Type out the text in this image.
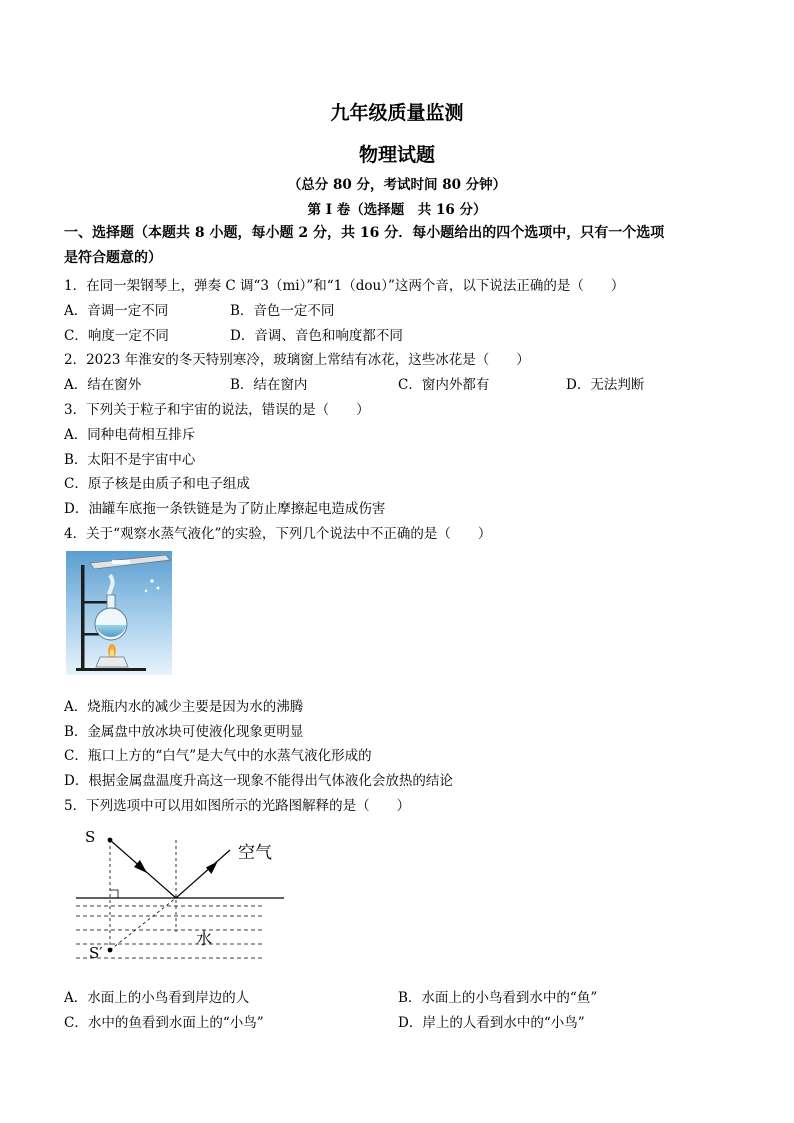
九年级质量监测
物理试题
（总分 80 分，考试时间 80 分钟）
第 I 卷（选择题　共 16 分）
一、选择题（本题共 8 小题，每小题 2 分，共 16 分．每小题给出的四个选项中，只有一个选项
是符合题意的）
1．在同一架钢琴上，弹奏 C 调“3（mi）”和“1（dou）”这两个音，以下说法正确的是（　　）
A．音调一定不同	B．音色一定不同
C．响度一定不同	D．音调、音色和响度都不同
2．2023 年淮安的冬天特别寒冷，玻璃窗上常结有冰花，这些冰花是（　　）
A．结在窗外	B．结在窗内	C．窗内外都有	D．无法判断
3．下列关于粒子和宇宙的说法，错误的是（　　）
A．同种电荷相互排斥
B．太阳不是宇宙中心
C．原子核是由质子和电子组成
D．油罐车底拖一条铁链是为了防止摩擦起电造成伤害
4．关于“观察水蒸气液化”的实验，下列几个说法中不正确的是（　　）
A．烧瓶内水的减少主要是因为水的沸腾
B．金属盘中放冰块可使液化现象更明显
C．瓶口上方的“白气”是大气中的水蒸气液化形成的
D．根据金属盘温度升高这一现象不能得出气体液化会放热的结论
5．下列选项中可以用如图所示的光路图解释的是（　　）
S
S′
空气
水
A．水面上的小鸟看到岸边的人	B．水面上的小鸟看到水中的“鱼”
C．水中的鱼看到水面上的“小鸟”	D．岸上的人看到水中的“小鸟”
